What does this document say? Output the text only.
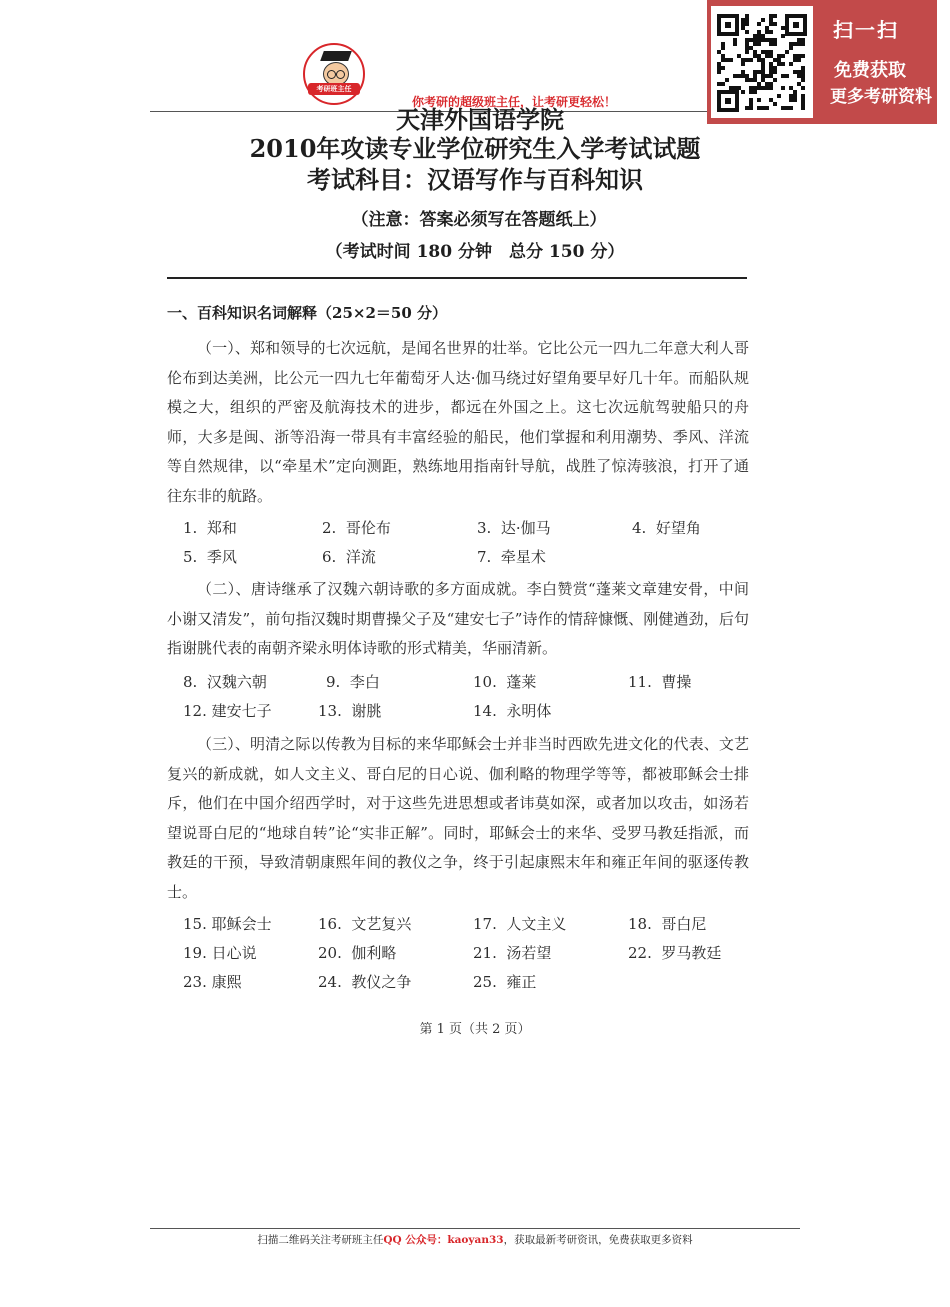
考研班主任
你考研的超级班主任，让考研更轻松！
扫一扫
免费获取
更多考研资料
天津外国语学院
2010年攻读专业学位研究生入学考试试题
考试科目：汉语写作与百科知识
（注意：答案必须写在答题纸上）
（考试时间 180 分钟　总分 150 分）
一、百科知识名词解释（25×2＝50 分）

（一）、郑和领导的七次远航，是闻名世界的壮举。它比公元一四九二年意大利人哥伦布到达美洲，比公元一四九七年葡萄牙人达·伽马绕过好望角要早好几十年。而船队规模之大，组织的严密及航海技术的进步，都远在外国之上。这七次远航驾驶船只的舟师，大多是闽、浙等沿海一带具有丰富经验的船民，他们掌握和利用潮势、季风、洋流等自然规律，以“牵星术”定向测距，熟练地用指南针导航，战胜了惊涛骇浪，打开了通往东非的航路。

1. 郑和	2. 哥伦布	3. 达·伽马	4. 好望角
5. 季风	6. 洋流	7. 牵星术

（二）、唐诗继承了汉魏六朝诗歌的多方面成就。李白赞赏“蓬莱文章建安骨，中间小谢又清发”，前句指汉魏时期曹操父子及“建安七子”诗作的情辞慷慨、刚健遒劲，后句指谢朓代表的南朝齐梁永明体诗歌的形式精美，华丽清新。

8. 汉魏六朝	9. 李白	10. 蓬莱	11. 曹操
12. 建安七子	13. 谢朓	14. 永明体

（三）、明清之际以传教为目标的来华耶稣会士并非当时西欧先进文化的代表、文艺复兴的新成就，如人文主义、哥白尼的日心说、伽利略的物理学等等，都被耶稣会士排斥，他们在中国介绍西学时，对于这些先进思想或者讳莫如深，或者加以攻击，如汤若望说哥白尼的“地球自转”论“实非正解”。同时，耶稣会士的来华、受罗马教廷指派，而教廷的干预，导致清朝康熙年间的教仪之争，终于引起康熙末年和雍正年间的驱逐传教士。

15. 耶稣会士	16. 文艺复兴	17. 人文主义	18. 哥白尼
19. 日心说	20. 伽利略	21. 汤若望	22. 罗马教廷
23. 康熙	24. 教仪之争	25. 雍正
第 1 页（共 2 页）
扫描二维码关注考研班主任QQ 公众号：kaoyan33，获取最新考研资讯，免费获取更多资料
